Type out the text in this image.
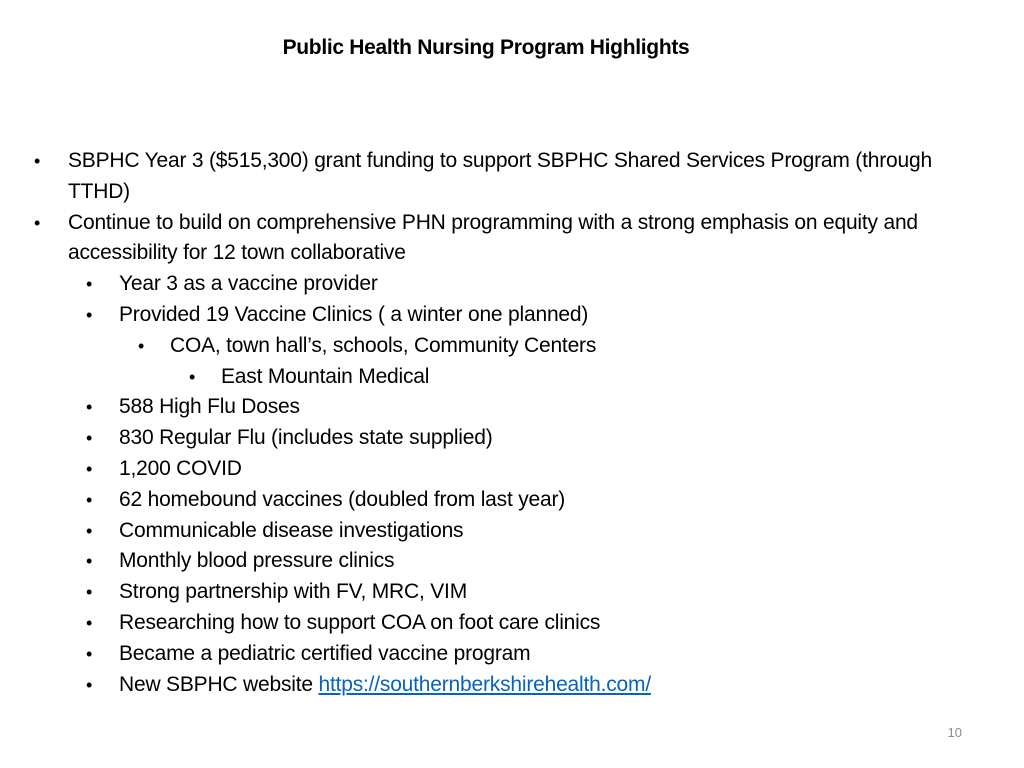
Public Health Nursing Program Highlights
• SBPHC Year 3 ($515,300) grant funding to support SBPHC Shared Services Program (through TTHD)
• Continue to build on comprehensive PHN programming with a strong emphasis on equity and accessibility for 12 town collaborative
• Year 3 as a vaccine provider
• Provided 19 Vaccine Clinics ( a winter one planned)
• COA, town hall’s, schools, Community Centers
• East Mountain Medical
• 588 High Flu Doses
• 830 Regular Flu (includes state supplied)
• 1,200 COVID
• 62 homebound vaccines (doubled from last year)
• Communicable disease investigations
• Monthly blood pressure clinics
• Strong partnership with FV, MRC, VIM
• Researching how to support COA on foot care clinics
• Became a pediatric certified vaccine program
• New SBPHC website https://southernberkshirehealth.com/
10
